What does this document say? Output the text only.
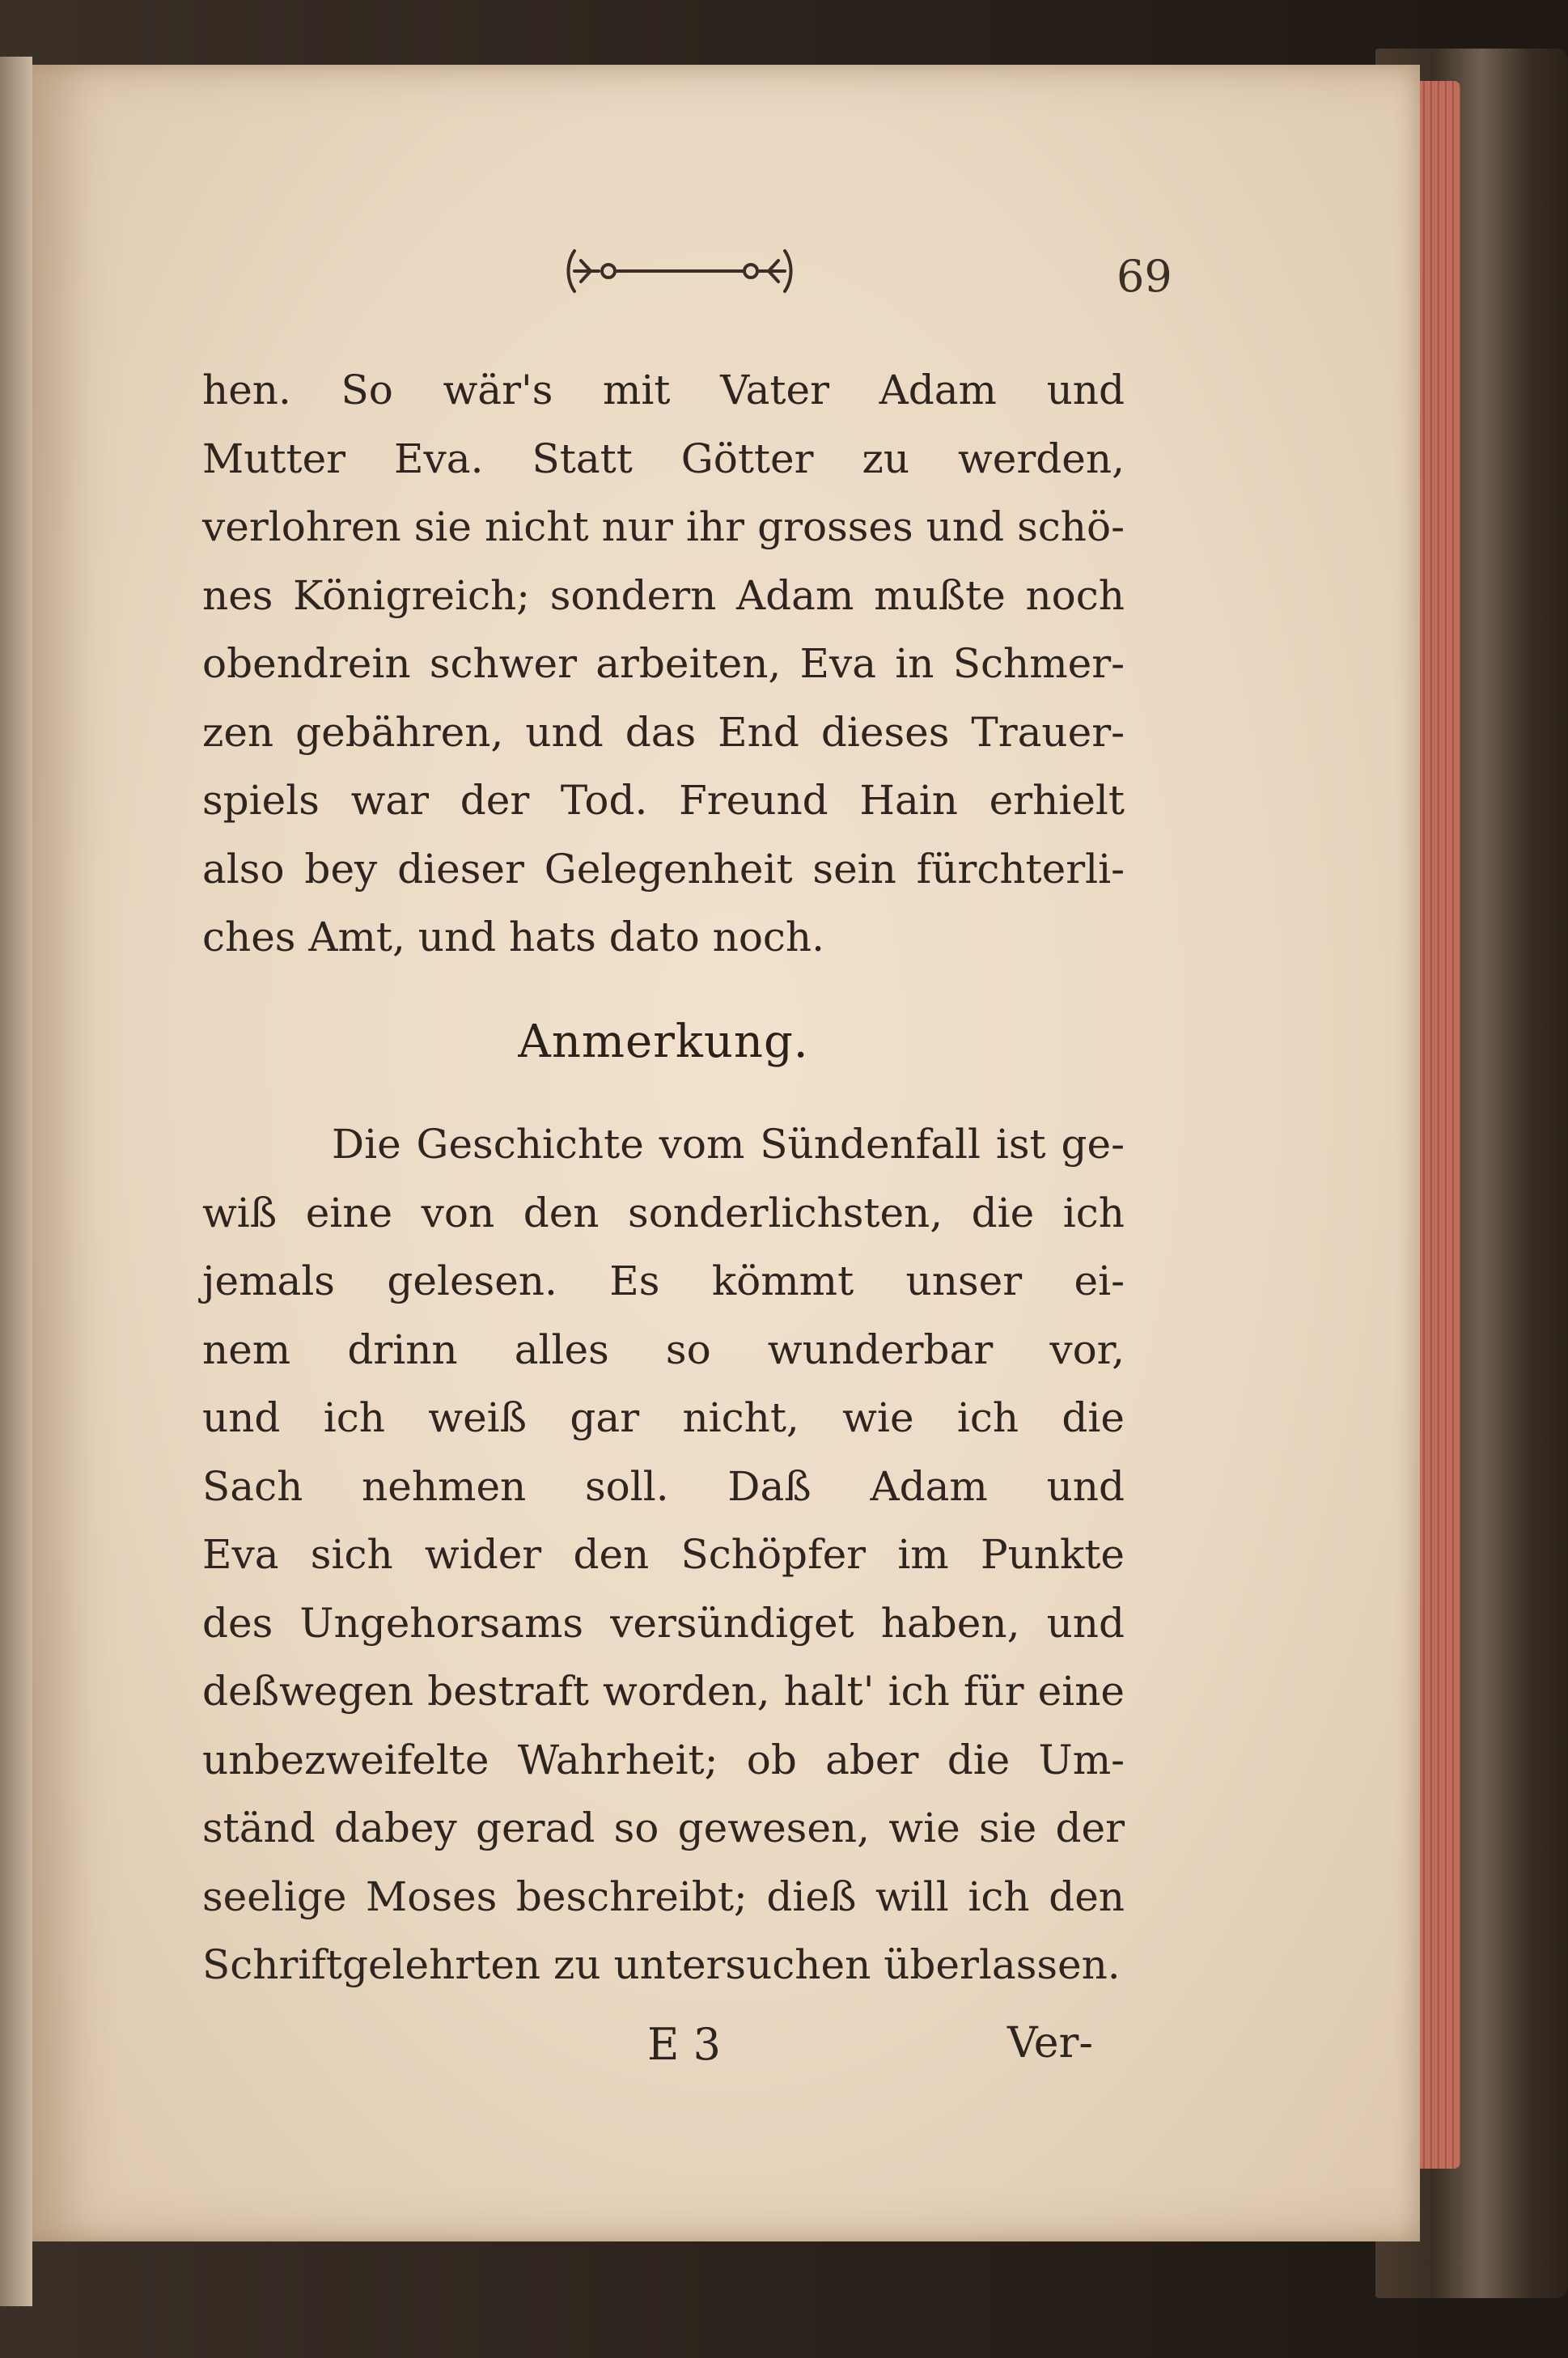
69
hen. So wär's mit Vater Adam und
Mutter Eva. Statt Götter zu werden,
verlohren sie nicht nur ihr grosses und schö-
nes Königreich; sondern Adam mußte noch
obendrein schwer arbeiten, Eva in Schmer-
zen gebähren, und das End dieses Trauer-
spiels war der Tod. Freund Hain erhielt
also bey dieser Gelegenheit sein fürchterli-
ches Amt, und hats dato noch.
Anmerkung.
Die Geschichte vom Sündenfall ist ge-
wiß eine von den sonderlichsten, die ich
jemals gelesen. Es kömmt unser ei-
nem drinn alles so wunderbar vor,
und ich weiß gar nicht, wie ich die
Sach nehmen soll. Daß Adam und
Eva sich wider den Schöpfer im Punkte
des Ungehorsams versündiget haben, und
deßwegen bestraft worden, halt' ich für eine
unbezweifelte Wahrheit; ob aber die Um-
ständ dabey gerad so gewesen, wie sie der
seelige Moses beschreibt; dieß will ich den
Schriftgelehrten zu untersuchen überlassen.
E 3	Ver-
